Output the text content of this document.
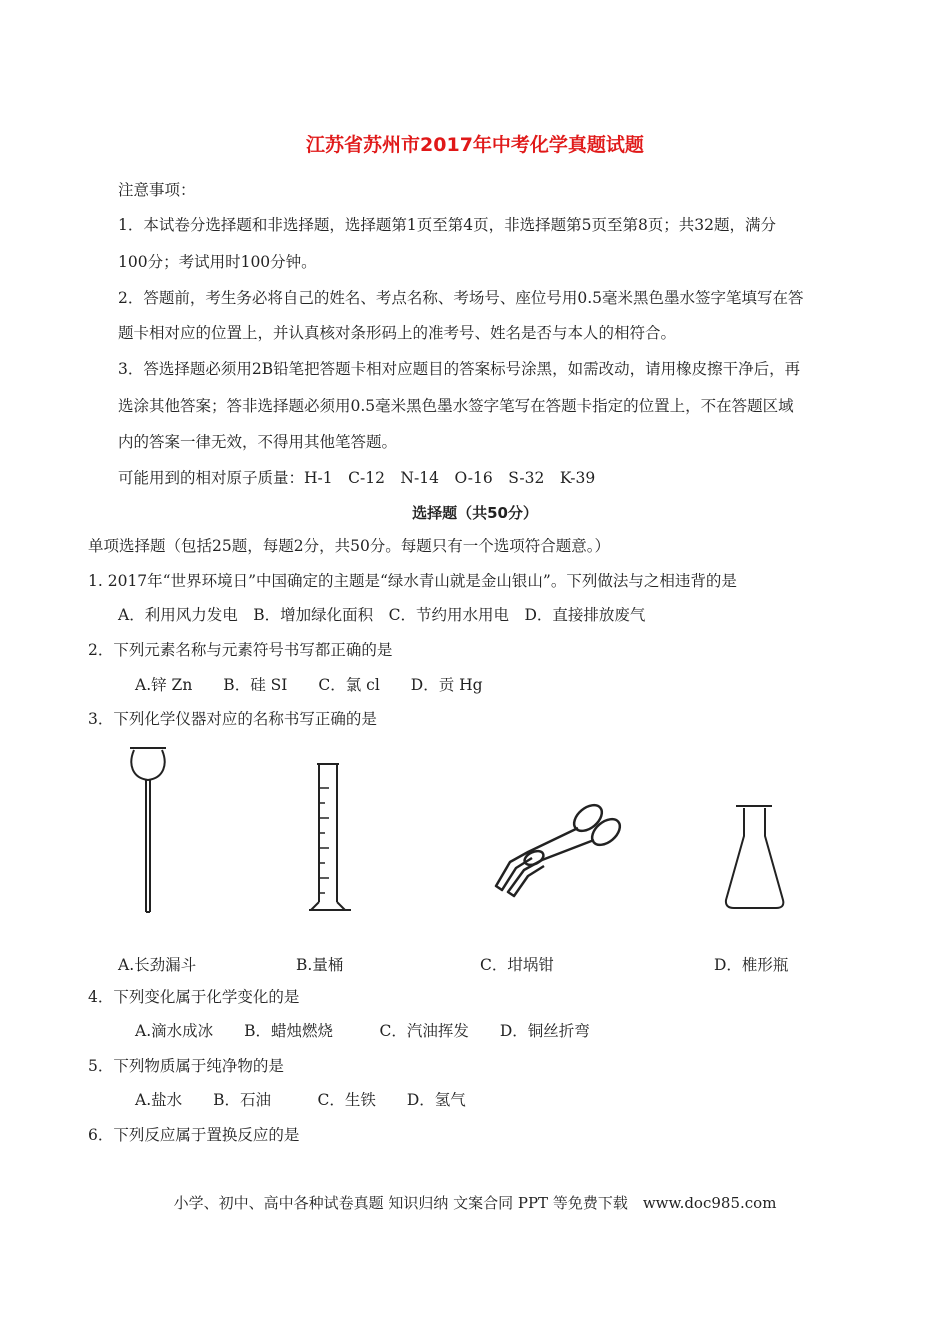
江苏省苏州市2017年中考化学真题试题
注意事项：
1．本试卷分选择题和非选择题，选择题第1页至第4页，非选择题第5页至第8页；共32题，满分
100分；考试用时100分钟。
2．答题前，考生务必将自己的姓名、考点名称、考场号、座位号用0.5毫米黑色墨水签字笔填写在答
题卡相对应的位置上，并认真核对条形码上的准考号、姓名是否与本人的相符合。
3．答选择题必须用2B铅笔把答题卡相对应题目的答案标号涂黑，如需改动，请用橡皮擦干净后，再
选涂其他答案；答非选择题必须用0.5毫米黑色墨水签字笔写在答题卡指定的位置上，不在答题区域
内的答案一律无效，不得用其他笔答题。
可能用到的相对原子质量：H-1　C-12　N-14　O-16　S-32　K-39
选择题（共50分）
单项选择题（包括25题，每题2分，共50分。每题只有一个选项符合题意。）
1. 2017年“世界环境日”中国确定的主题是“绿水青山就是金山银山”。下列做法与之相违背的是
A．利用风力发电　B．增加绿化面积　C．节约用水用电　D．直接排放废气
2．下列元素名称与元素符号书写都正确的是
A.锌 Zn　　B．硅 SI　　C．氯 cl　　D．贡 Hg
3．下列化学仪器对应的名称书写正确的是
A.长劲漏斗	B.量桶	C．坩埚钳	D．椎形瓶
4．下列变化属于化学变化的是
A.滴水成冰　　B．蜡烛燃烧　　　C．汽油挥发　　D．铜丝折弯
5．下列物质属于纯净物的是
A.盐水　　B．石油　　　C．生铁　　D．氢气
6．下列反应属于置换反应的是
小学、初中、高中各种试卷真题 知识归纳 文案合同 PPT 等免费下载　www.doc985.com
